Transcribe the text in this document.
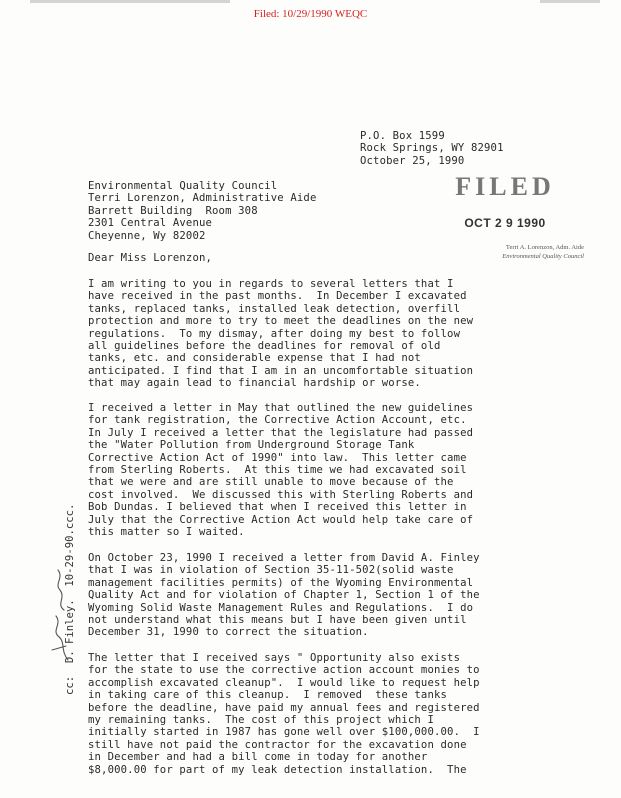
Filed: 10/29/1990 WEQC
P.O. Box 1599
Rock Springs, WY 82901
October 25, 1990
Environmental Quality Council
Terri Lorenzon, Administrative Aide
Barrett Building  Room 308
2301 Central Avenue
Cheyenne, Wy 82002
FILED
OCT 2 9 1990
Terri A. Lorenzon, Adm. Aide
Environmental Quality Council
Dear Miss Lorenzon,
I am writing to you in regards to several letters that I
have received in the past months.  In December I excavated
tanks, replaced tanks, installed leak detection, overfill
protection and more to try to meet the deadlines on the new
regulations.  To my dismay, after doing my best to follow
all guidelines before the deadlines for removal of old
tanks, etc. and considerable expense that I had not
anticipated. I find that I am in an uncomfortable situation
that may again lead to financial hardship or worse.
I received a letter in May that outlined the new guidelines
for tank registration, the Corrective Action Account, etc.
In July I received a letter that the legislature had passed
the "Water Pollution from Underground Storage Tank
Corrective Action Act of 1990" into law.  This letter came
from Sterling Roberts.  At this time we had excavated soil
that we were and are still unable to move because of the
cost involved.  We discussed this with Sterling Roberts and
Bob Dundas. I believed that when I received this letter in
July that the Corrective Action Act would help take care of
this matter so I waited.
On October 23, 1990 I received a letter from David A. Finley
that I was in violation of Section 35-11-502(solid waste
management facilities permits) of the Wyoming Environmental
Quality Act and for violation of Chapter 1, Section 1 of the
Wyoming Solid Waste Management Rules and Regulations.  I do
not understand what this means but I have been given until
December 31, 1990 to correct the situation.
The letter that I received says " Opportunity also exists
for the state to use the corrective action account monies to
accomplish excavated cleanup".  I would like to request help
in taking care of this cleanup.  I removed  these tanks
before the deadline, have paid my annual fees and registered
my remaining tanks.  The cost of this project which I
initially started in 1987 has gone well over $100,000.00.  I
still have not paid the contractor for the excavation done
in December and had a bill come in today for another
$8,000.00 for part of my leak detection installation.  The
cc:  D. Finley.  10-29-90.ccc.
